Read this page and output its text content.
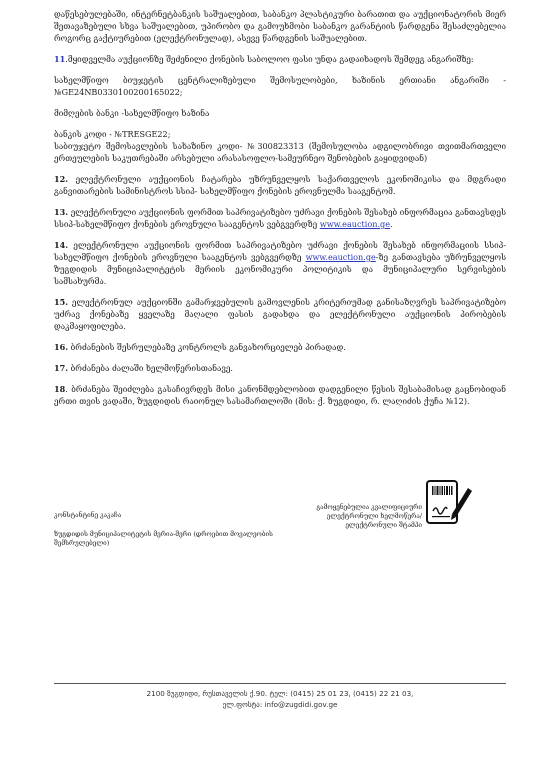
დაწესებულებაში, ინტერნეტბანკის საშუალებით, საბანკო პლასტიკური ბარათით და აუქციონატორის მიერ შეთავაზებული სხვა საშუალებით, უპირობო და გამოუხმობი საბანკო გარანტიის წარდგენა შესაძლებელია როგორც გაქტიურებით (ელექტრონულად), ასევე წარდგენის საშუალებით.

11.მყიდველმა აუქციონზე შეძენილი ქონების საბოლოო ფასი უნდა გადაიხადოს შემდეგ ანგარიშზე:

სახელმწიფო ბიუჯეტის ცენტრალიზებული შემოსულობები, ხაზინის ერთიანი ანგარიში - №GE24NB0330100200165022;

მიმღების ბანკი -სახელმწიფო ხაზინა

ბანკის კოდი - №TRESGE22;

საბიუჯეტო შემოსავლების სახაზინო კოდი- №300823313 (შემოსულობა ადგილობრივი თვითმართველი ერთეულების საკუთრებაში არსებული არასასოფლო-სამეურნეო შენობების გაყიდვიდან)

12. ელექტრონული აუქციონის ჩატარება უზრუნველყოს საქართველოს ეკონომიკისა და მდგრადი განვითარების სამინისტროს სსიპ- სახელმწიფო ქონების ეროვნულმა სააგენტომ.

13. ელექტრონული აუქციონის ფორმით საპრივატიზებო უძრავი ქონების შესახებ ინფორმაცია განთავსდეს სსიპ-სახელმწიფო ქონების ეროვნული სააგენტოს ვებგვერდზე www.eauction.ge.

14. ელექტრონული აუქციონის ფორმით საპრივატიზებო უძრავი ქონების შესახებ ინფორმაციის სსიპ-სახელმწიფო ქონების ეროვნული სააგენტოს ვებგვერდზე www.eauction.ge-ზე განთავსება უზრუნველყოს ზუგდიდის მუნიციპალიტეტის მერიის ეკონომიკური პოლიტიკის და მუნიციპალური სერვისების სამსახურმა.

15. ელექტრონულ აუქციონში გამარჯვებულის გამოვლენის კრიტერიუმად განისაზღვრეს საპრივატიზებო უძრავ ქონებაზე ყველაზე მაღალი ფასის გადახდა და ელექტრონული აუქციონის პირობების დაკმაყოფილება.

16. ბრძანების შესრულებაზე კონტროლს განვახორციელებ პირადად.

17. ბრძანება ძალაში ხელმოწერისთანავე.

18. ბრძანება შეიძლება გასაჩივრდეს მისი კანონმდებლობით დადგენილი წესის შესაბამისად გაცნობიდან ერთი თვის ვადაში, ზუგდიდის რაიონულ სასამართლოში (მის: ქ. ზუგდიდი, რ. ლაღიძის ქუჩა №12).

გამოყენებულია კვალიფიციური ელექტრონული ხელმოწერა/ ელექტრონული შტამპი
კონსტანტინე კაკაჩა
ზუგდიდის მუნიციპალიტეტის მერია-მერი (დროებით მოვალეობის შემსრულებელი)
2100 ზუგდიდი, რუსთაველის ქ.90. ტელ: (0415) 25 01 23, (0415) 22 21 03,
ელ.ფოსტა: info@zugdidi.gov.ge
